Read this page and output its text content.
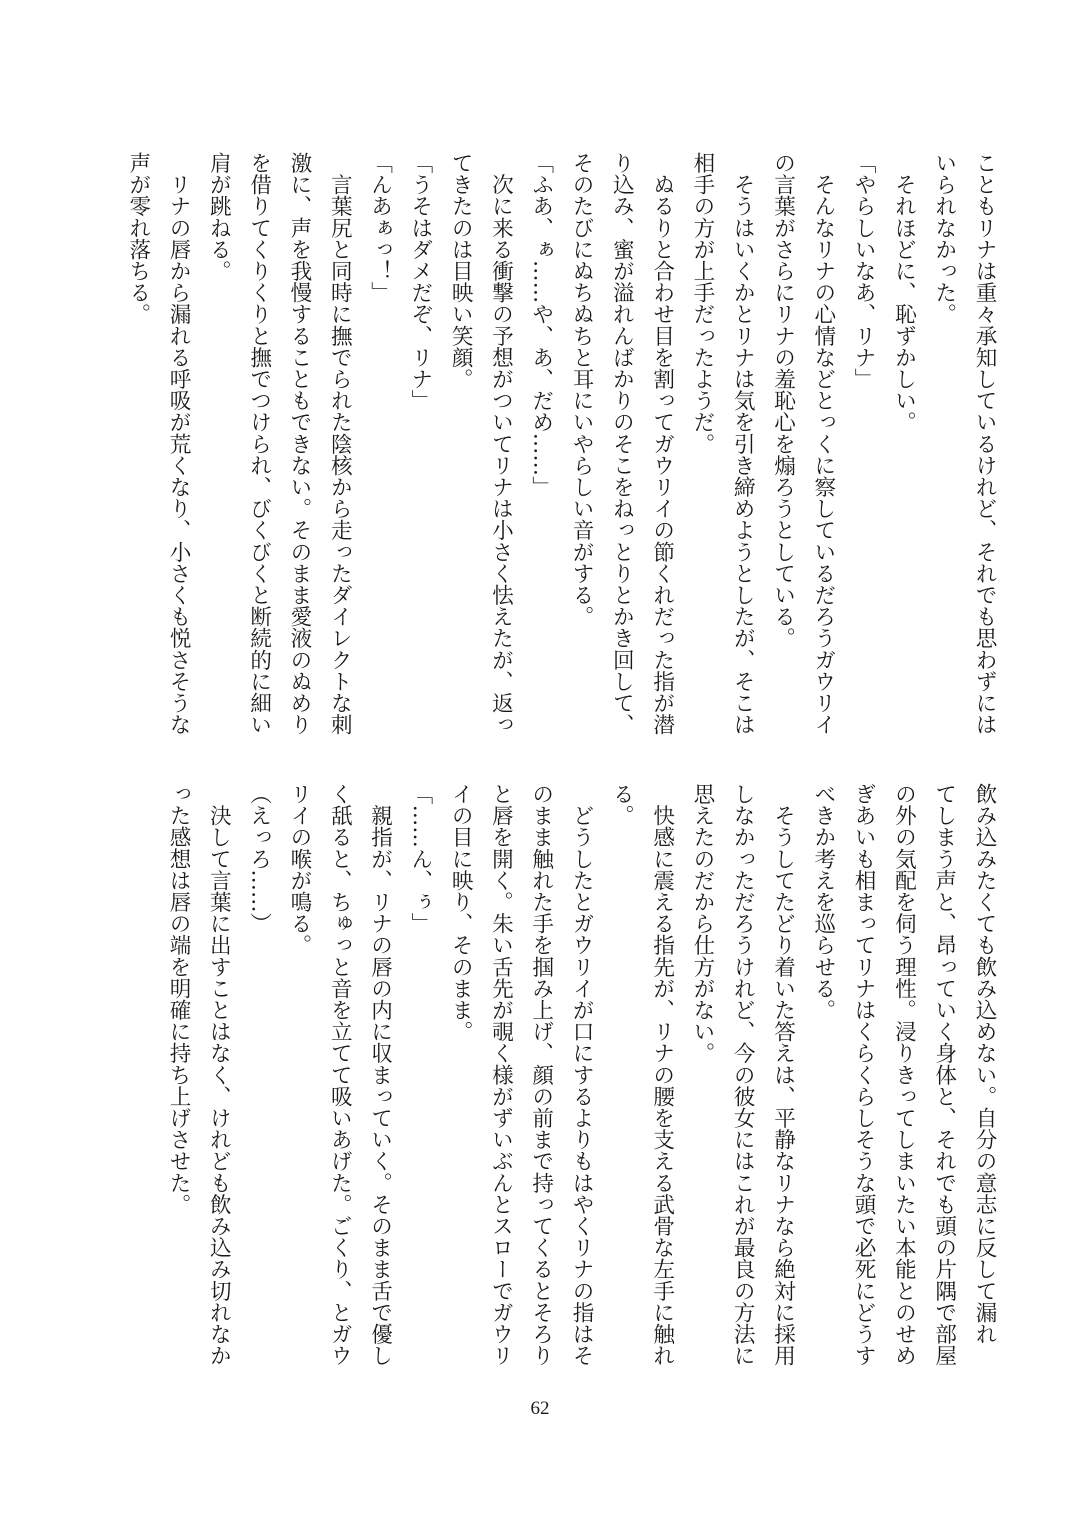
こともリナは重々承知しているけれど、それでも思わずには
いられなかった。
　それほどに、恥ずかしい。
「やらしいなあ、リナ」
　そんなリナの心情などとっくに察しているだろうガウリイ
の言葉がさらにリナの羞恥心を煽ろうとしている。
　そうはいくかとリナは気を引き締めようとしたが、そこは
相手の方が上手だったようだ。
　ぬるりと合わせ目を割ってガウリイの節くれだった指が潜
り込み、蜜が溢れんばかりのそこをねっとりとかき回して、
そのたびにぬちぬちと耳にいやらしい音がする。
「ふあ、ぁ……や、あ、だめ……」
　次に来る衝撃の予想がついてリナは小さく怯えたが、返っ
てきたのは目映い笑顔。
「うそはダメだぞ、リナ」
「んあぁっ！」
　言葉尻と同時に撫でられた陰核から走ったダイレクトな刺
激に、声を我慢することもできない。そのまま愛液のぬめり
を借りてくりくりと撫でつけられ、びくびくと断続的に細い
肩が跳ねる。
　リナの唇から漏れる呼吸が荒くなり、小さくも悦さそうな
声が零れ落ちる。
飲み込みたくても飲み込めない。自分の意志に反して漏れ
てしまう声と、昂っていく身体と、それでも頭の片隅で部屋
の外の気配を伺う理性。浸りきってしまいたい本能とのせめ
ぎあいも相まってリナはくらくらしそうな頭で必死にどうす
べきか考えを巡らせる。
　そうしてたどり着いた答えは、平静なリナなら絶対に採用
しなかっただろうけれど、今の彼女にはこれが最良の方法に
思えたのだから仕方がない。
　快感に震える指先が、リナの腰を支える武骨な左手に触れ
る。
　どうしたとガウリイが口にするよりもはやくリナの指はそ
のまま触れた手を掴み上げ、顔の前まで持ってくるとそろり
と唇を開く。朱い舌先が覗く様がずいぶんとスローでガウリ
イの目に映り、そのまま。
「……ん、ぅ」
　親指が、リナの唇の内に収まっていく。そのまま舌で優し
く舐ると、ちゅっと音を立てて吸いあげた。ごくり、とガウ
リイの喉が鳴る。
（えっろ……）
　決して言葉に出すことはなく、けれども飲み込み切れなか
った感想は唇の端を明確に持ち上げさせた。
62
